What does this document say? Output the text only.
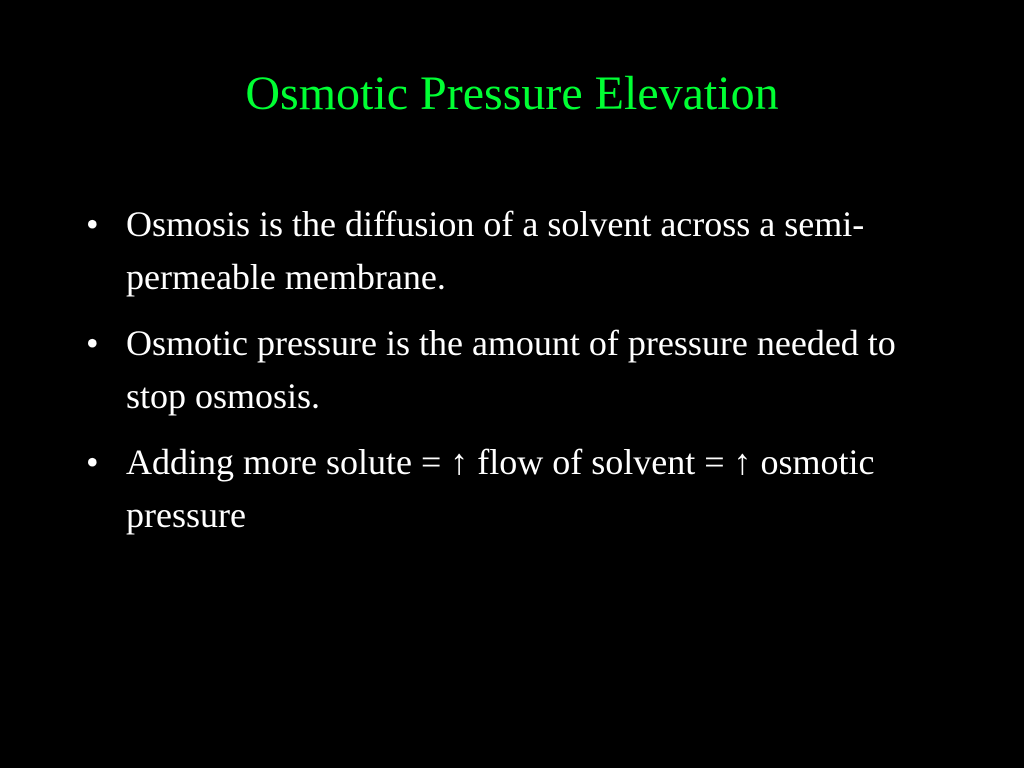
Osmotic Pressure Elevation
• Osmosis is the diffusion of a solvent across a semi-permeable membrane.
• Osmotic pressure is the amount of pressure needed to stop osmosis.
• Adding more solute = ↑ flow of solvent = ↑ osmotic pressure
